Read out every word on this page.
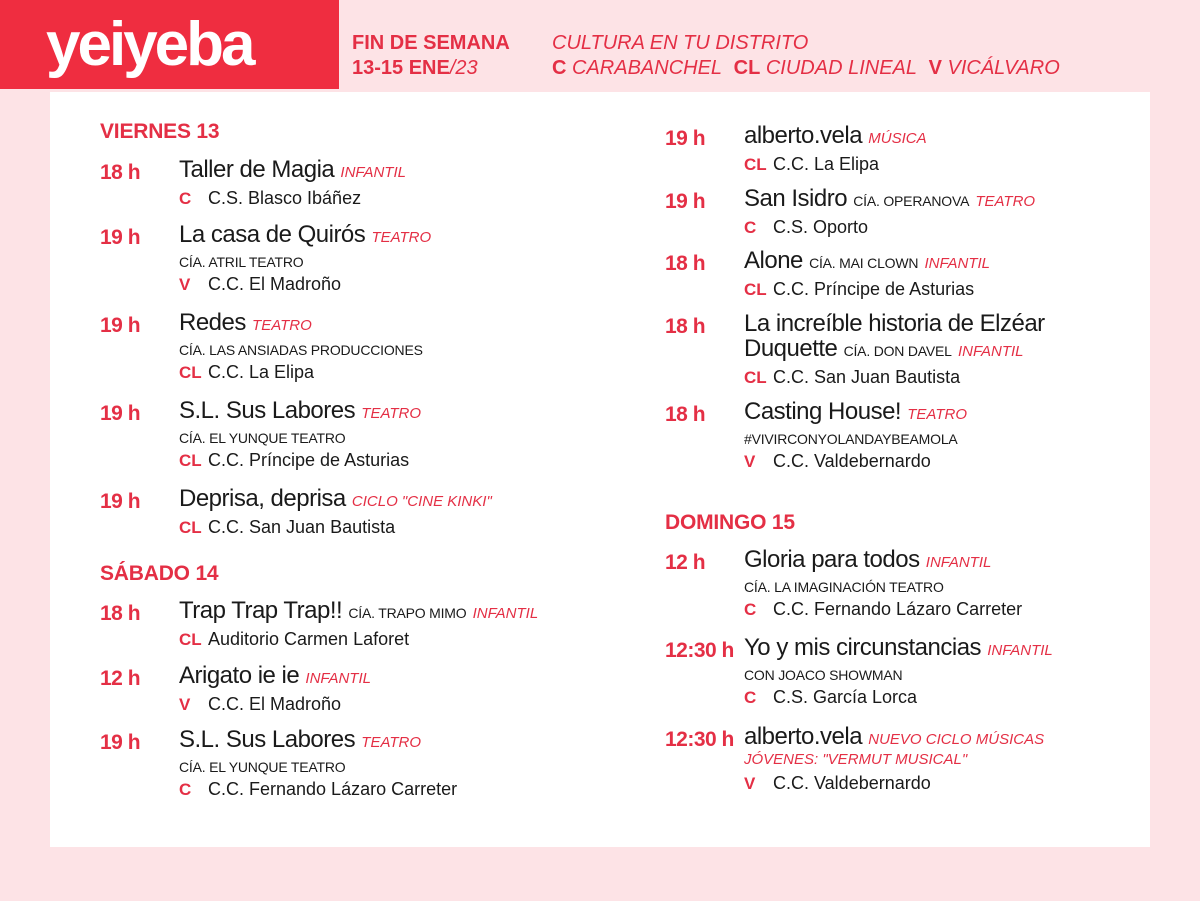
yeiyeba	FIN DE SEMANA
13-15 ENE/23
CULTURA EN TU DISTRITO
C CARABANCHEL CL CIUDAD LINEAL V VICÁLVARO
VIERNES 13
18 h Taller de Magia INFANTIL
C C.S. Blasco Ibáñez
19 h La casa de Quirós TEATRO
CÍA. ATRIL TEATRO
V C.C. El Madroño
19 h Redes TEATRO
CÍA. LAS ANSIADAS PRODUCCIONES
CL C.C. La Elipa
19 h S.L. Sus Labores TEATRO
CÍA. EL YUNQUE TEATRO
CL C.C. Príncipe de Asturias
19 h Deprisa, deprisa CICLO "CINE KINKI"
CL C.C. San Juan Bautista
SÁBADO 14
18 h Trap Trap Trap!! CÍA. TRAPO MIMO INFANTIL
CL Auditorio Carmen Laforet
12 h Arigato ie ie INFANTIL
V C.C. El Madroño
19 h S.L. Sus Labores TEATRO
CÍA. EL YUNQUE TEATRO
C C.C. Fernando Lázaro Carreter
19 h alberto.vela MÚSICA
CL C.C. La Elipa
19 h San Isidro CÍA. OPERANOVA TEATRO
C C.S. Oporto
18 h Alone CÍA. MAI CLOWN INFANTIL
CL C.C. Príncipe de Asturias
18 h La increíble historia de Elzéar
Duquette CÍA. DON DAVEL INFANTIL
CL C.C. San Juan Bautista
18 h Casting House! TEATRO
#VIVIRCONYOLANDAYBEAMOLA
V C.C. Valdebernardo
DOMINGO 15
12 h Gloria para todos INFANTIL
CÍA. LA IMAGINACIÓN TEATRO
C C.C. Fernando Lázaro Carreter
12:30 h Yo y mis circunstancias INFANTIL
CON JOACO SHOWMAN
C C.S. García Lorca
12:30 h alberto.vela NUEVO CICLO MÚSICAS
JÓVENES: "VERMUT MUSICAL"
V C.C. Valdebernardo
